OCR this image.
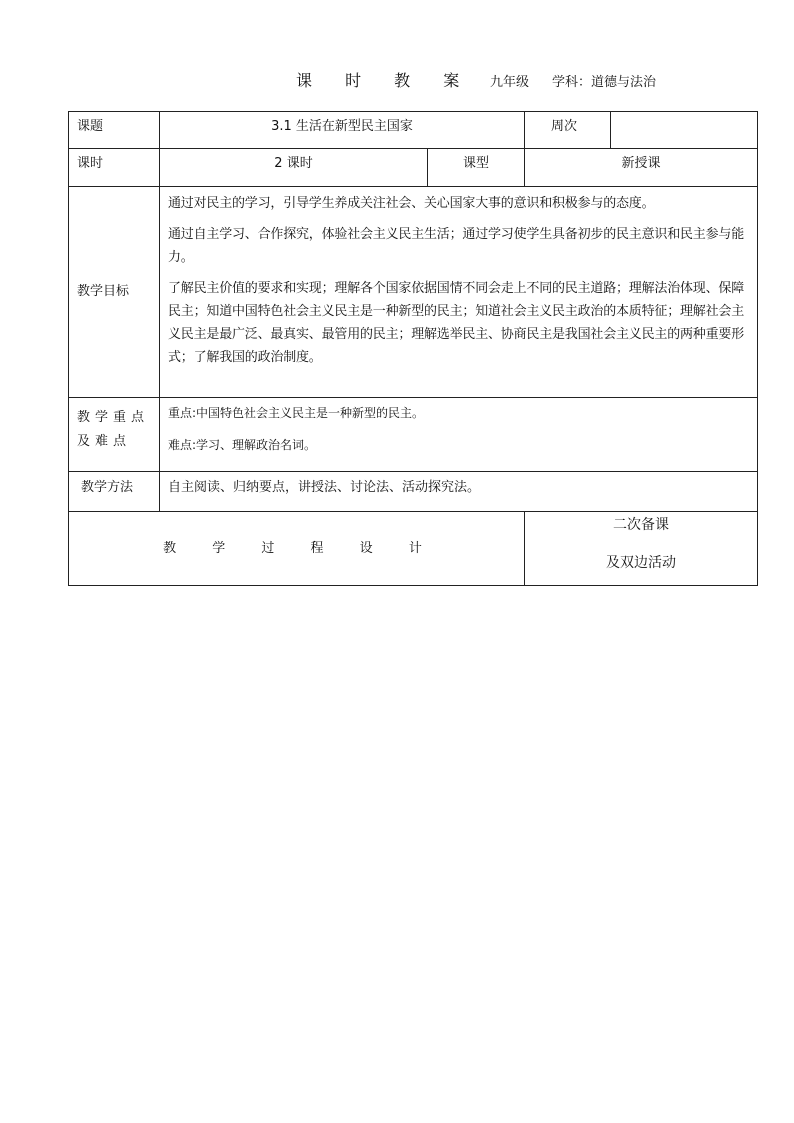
课 时 教 案 九年级 学科：道德与法治
课题	3.1 生活在新型民主国家		周次	
课时	2 课时	课型	新授课	
教学目标	通过对民主的学习，引导学生养成关注社会、关心国家大事的意识和积极参与的态度。

通过自主学习、合作探究，体验社会主义民主生活；通过学习使学生具备初步的民主意识和民主参与能力。

了解民主价值的要求和实现；理解各个国家依据国情不同会走上不同的民主道路；理解法治体现、保障民主；知道中国特色社会主义民主是一种新型的民主；知道社会主义民主政治的本质特征；理解社会主义民主是最广泛、最真实、最管用的民主；理解选举民主、协商民主是我国社会主义民主的两种重要形式；了解我国的政治制度。			

教学重点及难点	重点:中国特色社会主义民主是一种新型的民主。
难点:学习、理解政治名词。			

教学方法	自主阅读、归纳要点，讲授法、讨论法、活动探究法。			
教 学 过 程 设 计			二次备课
及双边活动	
